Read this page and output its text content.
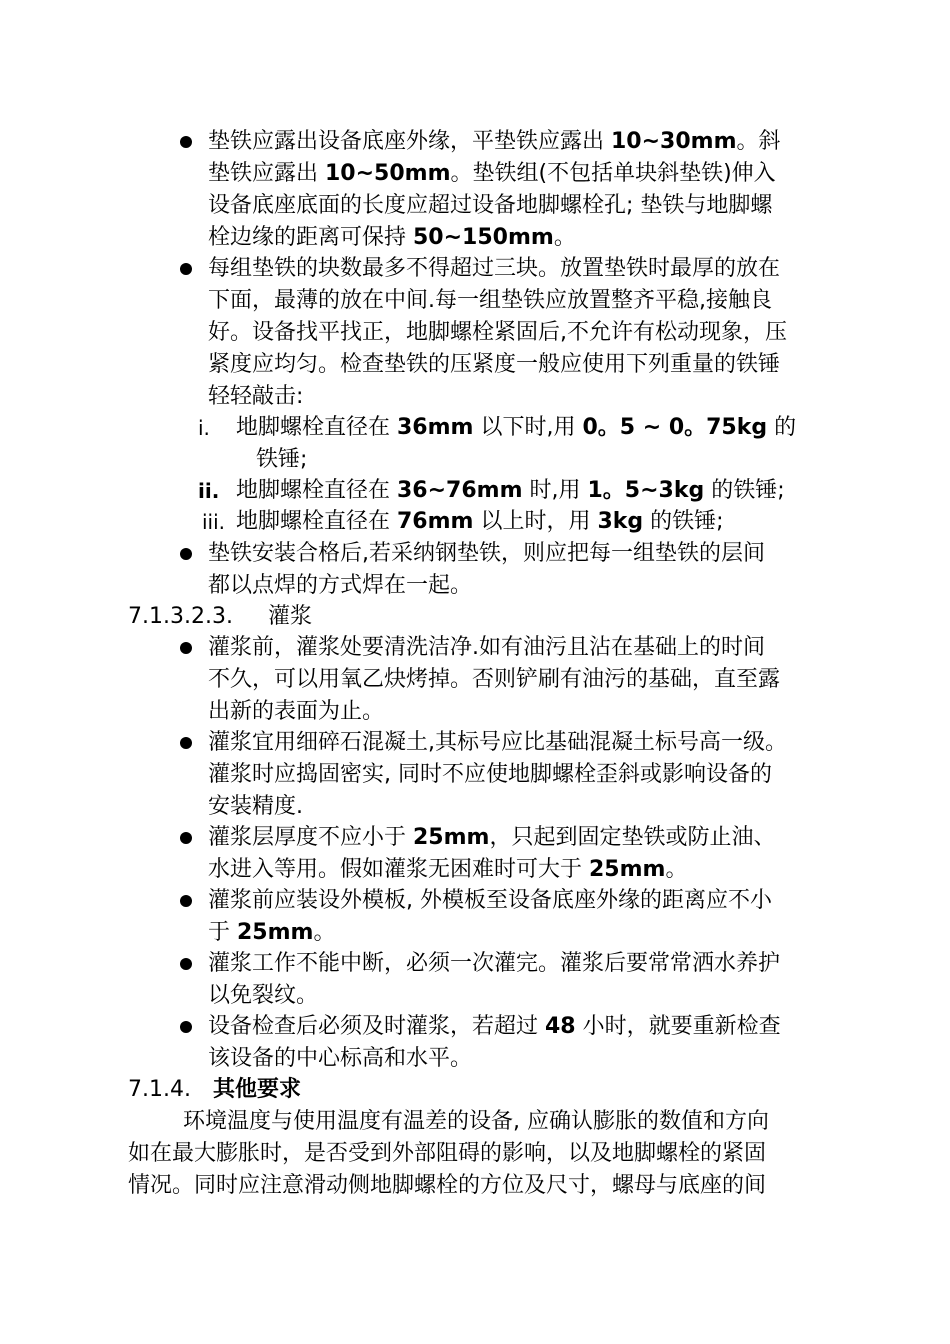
垫铁应露出设备底座外缘，平垫铁应露出 10~30mm。斜
垫铁应露出 10~50mm。垫铁组(不包括单块斜垫铁)伸入
设备底座底面的长度应超过设备地脚螺栓孔; 垫铁与地脚螺
栓边缘的距离可保持 50~150mm。
每组垫铁的块数最多不得超过三块。放置垫铁时最厚的放在
下面，最薄的放在中间.每一组垫铁应放置整齐平稳,接触良
好。设备找平找正，地脚螺栓紧固后,不允许有松动现象，压
紧度应均匀。检查垫铁的压紧度一般应使用下列重量的铁锤
轻轻敲击:
i. 地脚螺栓直径在 36mm 以下时,用 0。5 ~ 0。75kg 的
铁锤;
ii. 地脚螺栓直径在 36~76mm 时,用 1。5~3kg 的铁锤;
iii. 地脚螺栓直径在 76mm 以上时，用 3kg 的铁锤;
垫铁安装合格后,若采纳钢垫铁，则应把每一组垫铁的层间
都以点焊的方式焊在一起。
7.1.3.2.3. 灌浆
灌浆前，灌浆处要清洗洁净.如有油污且沾在基础上的时间
不久，可以用氧乙炔烤掉。否则铲刷有油污的基础，直至露
出新的表面为止。
灌浆宜用细碎石混凝土,其标号应比基础混凝土标号高一级。
灌浆时应捣固密实, 同时不应使地脚螺栓歪斜或影响设备的
安装精度.
灌浆层厚度不应小于 25mm，只起到固定垫铁或防止油、
水进入等用。假如灌浆无困难时可大于 25mm。
灌浆前应装设外模板, 外模板至设备底座外缘的距离应不小
于 25mm。
灌浆工作不能中断，必须一次灌完。灌浆后要常常洒水养护
以免裂纹。
设备检查后必须及时灌浆，若超过 48 小时，就要重新检查
该设备的中心标高和水平。
7.1.4. 其他要求
环境温度与使用温度有温差的设备, 应确认膨胀的数值和方向
如在最大膨胀时，是否受到外部阻碍的影响，以及地脚螺栓的紧固
情况。同时应注意滑动侧地脚螺栓的方位及尺寸，螺母与底座的间
